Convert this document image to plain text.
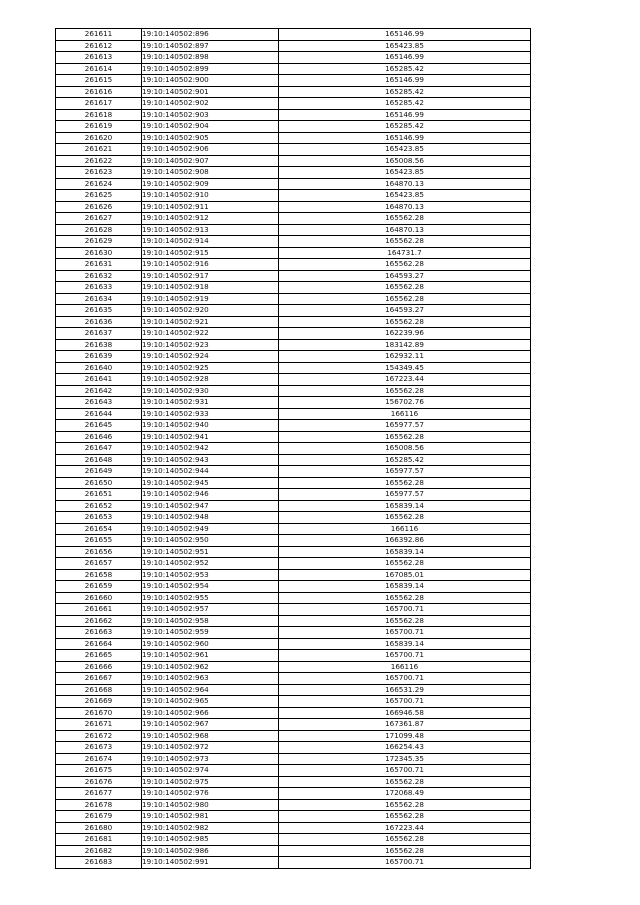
261611	19:10:140502:896	165146.99
261612	19:10:140502:897	165423.85
261613	19:10:140502:898	165146.99
261614	19:10:140502:899	165285.42
261615	19:10:140502:900	165146.99
261616	19:10:140502:901	165285.42
261617	19:10:140502:902	165285.42
261618	19:10:140502:903	165146.99
261619	19:10:140502:904	165285.42
261620	19:10:140502:905	165146.99
261621	19:10:140502:906	165423.85
261622	19:10:140502:907	165008.56
261623	19:10:140502:908	165423.85
261624	19:10:140502:909	164870.13
261625	19:10:140502:910	165423.85
261626	19:10:140502:911	164870.13
261627	19:10:140502:912	165562.28
261628	19:10:140502:913	164870.13
261629	19:10:140502:914	165562.28
261630	19:10:140502:915	164731.7
261631	19:10:140502:916	165562.28
261632	19:10:140502:917	164593.27
261633	19:10:140502:918	165562.28
261634	19:10:140502:919	165562.28
261635	19:10:140502:920	164593.27
261636	19:10:140502:921	165562.28
261637	19:10:140502:922	162239.96
261638	19:10:140502:923	183142.89
261639	19:10:140502:924	162932.11
261640	19:10:140502:925	154349.45
261641	19:10:140502:928	167223.44
261642	19:10:140502:930	165562.28
261643	19:10:140502:931	156702.76
261644	19:10:140502:933	166116
261645	19:10:140502:940	165977.57
261646	19:10:140502:941	165562.28
261647	19:10:140502:942	165008.56
261648	19:10:140502:943	165285.42
261649	19:10:140502:944	165977.57
261650	19:10:140502:945	165562.28
261651	19:10:140502:946	165977.57
261652	19:10:140502:947	165839.14
261653	19:10:140502:948	165562.28
261654	19:10:140502:949	166116
261655	19:10:140502:950	166392.86
261656	19:10:140502:951	165839.14
261657	19:10:140502:952	165562.28
261658	19:10:140502:953	167085.01
261659	19:10:140502:954	165839.14
261660	19:10:140502:955	165562.28
261661	19:10:140502:957	165700.71
261662	19:10:140502:958	165562.28
261663	19:10:140502:959	165700.71
261664	19:10:140502:960	165839.14
261665	19:10:140502:961	165700.71
261666	19:10:140502:962	166116
261667	19:10:140502:963	165700.71
261668	19:10:140502:964	166531.29
261669	19:10:140502:965	165700.71
261670	19:10:140502:966	166946.58
261671	19:10:140502:967	167361.87
261672	19:10:140502:968	171099.48
261673	19:10:140502:972	166254.43
261674	19:10:140502:973	172345.35
261675	19:10:140502:974	165700.71
261676	19:10:140502:975	165562.28
261677	19:10:140502:976	172068.49
261678	19:10:140502:980	165562.28
261679	19:10:140502:981	165562.28
261680	19:10:140502:982	167223.44
261681	19:10:140502:985	165562.28
261682	19:10:140502:986	165562.28
261683	19:10:140502:991	165700.71
